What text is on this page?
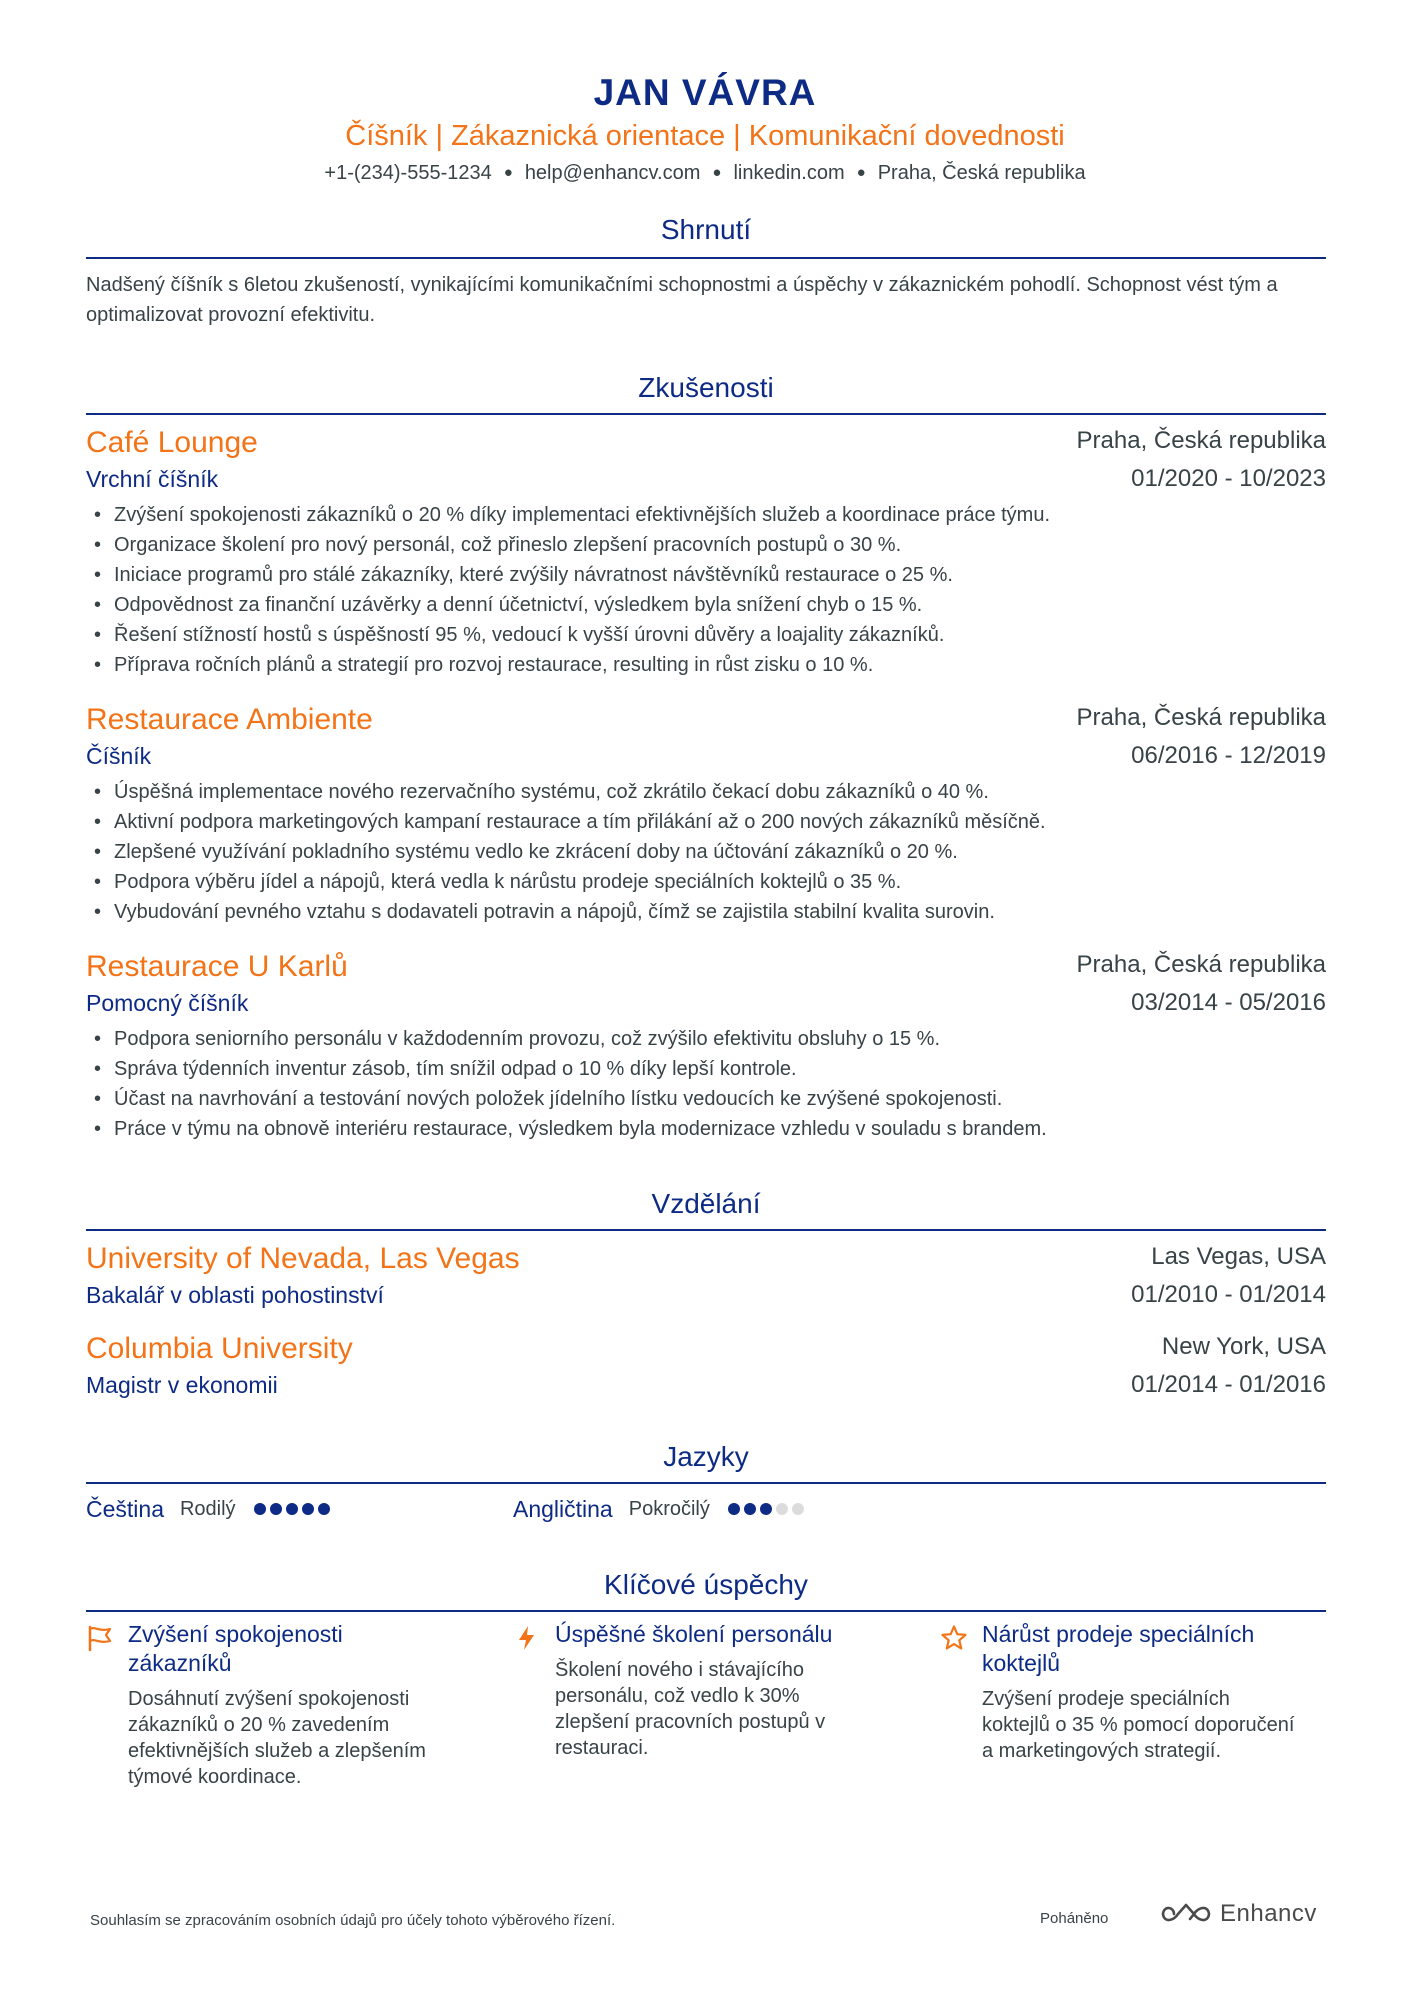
JAN VÁVRA
Číšník | Zákaznická orientace | Komunikační dovednosti
+1-(234)-555-1234 ● help@enhancv.com ● linkedin.com ● Praha, Česká republika
Shrnutí
Nadšený číšník s 6letou zkušeností, vynikajícími komunikačními schopnostmi a úspěchy v zákaznickém pohodlí. Schopnost vést tým a optimalizovat provozní efektivitu.
Zkušenosti
Café Lounge	Praha, Česká republika
Vrchní číšník	01/2020 - 10/2023
• Zvýšení spokojenosti zákazníků o 20 % díky implementaci efektivnějších služeb a koordinace práce týmu.
• Organizace školení pro nový personál, což přineslo zlepšení pracovních postupů o 30 %.
• Iniciace programů pro stálé zákazníky, které zvýšily návratnost návštěvníků restaurace o 25 %.
• Odpovědnost za finanční uzávěrky a denní účetnictví, výsledkem byla snížení chyb o 15 %.
• Řešení stížností hostů s úspěšností 95 %, vedoucí k vyšší úrovni důvěry a loajality zákazníků.
• Příprava ročních plánů a strategií pro rozvoj restaurace, resulting in růst zisku o 10 %.
Restaurace Ambiente	Praha, Česká republika
Číšník	06/2016 - 12/2019
• Úspěšná implementace nového rezervačního systému, což zkrátilo čekací dobu zákazníků o 40 %.
• Aktivní podpora marketingových kampaní restaurace a tím přilákání až o 200 nových zákazníků měsíčně.
• Zlepšené využívání pokladního systému vedlo ke zkrácení doby na účtování zákazníků o 20 %.
• Podpora výběru jídel a nápojů, která vedla k nárůstu prodeje speciálních koktejlů o 35 %.
• Vybudování pevného vztahu s dodavateli potravin a nápojů, čímž se zajistila stabilní kvalita surovin.
Restaurace U Karlů	Praha, Česká republika
Pomocný číšník	03/2014 - 05/2016
• Podpora seniorního personálu v každodenním provozu, což zvýšilo efektivitu obsluhy o 15 %.
• Správa týdenních inventur zásob, tím snížil odpad o 10 % díky lepší kontrole.
• Účast na navrhování a testování nových položek jídelního lístku vedoucích ke zvýšené spokojenosti.
• Práce v týmu na obnově interiéru restaurace, výsledkem byla modernizace vzhledu v souladu s brandem.
Vzdělání
University of Nevada, Las Vegas	Las Vegas, USA
Bakalář v oblasti pohostinství	01/2010 - 01/2014
Columbia University	New York, USA
Magistr v ekonomii	01/2014 - 01/2016
Jazyky
Čeština Rodilý	Angličtina Pokročilý
Klíčové úspěchy
Zvýšení spokojenosti zákazníků
Dosáhnutí zvýšení spokojenosti zákazníků o 20 % zavedením efektivnějších služeb a zlepšením týmové koordinace.
Úspěšné školení personálu
Školení nového i stávajícího personálu, což vedlo k 30% zlepšení pracovních postupů v restauraci.
Nárůst prodeje speciálních koktejlů
Zvýšení prodeje speciálních koktejlů o 35 % pomocí doporučení a marketingových strategií.
Souhlasím se zpracováním osobních údajů pro účely tohoto výběrového řízení.	Poháněno	Enhancv
